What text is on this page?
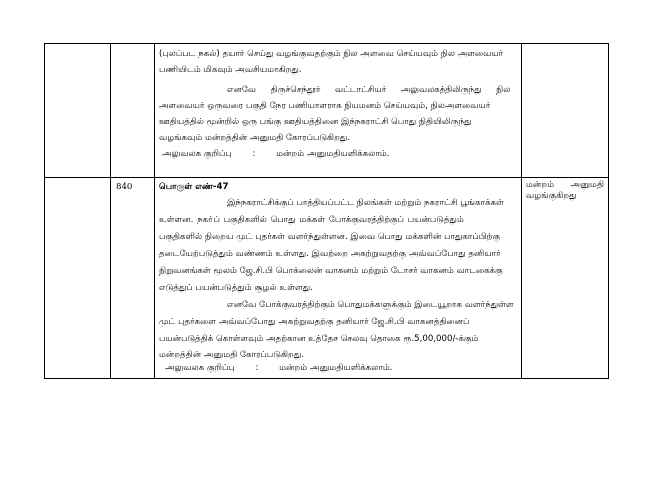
(புலப்பட நகல்) தயார் செய்து வழங்குவதற்கும் நில அளவை செய்யவும் நில அளவையர்
பணியிடம் மிகவும் அவசியமாகிறது.
எனவே திருச்செந்தூர் வட்டாட்சியர் அலுவலகத்திலிருந்து நில
அளவையர் ஒருவரை பகுதி நேர பணியாளராக நியமனம் செய்யவும், நிலஅளவையர்
ஊதியத்தில் மூன்றில் ஒரு பங்கு ஊதியத்தினை இந்நகராட்சி பொது நிதியிலிருந்து
வழங்கவும் மன்றத்தின் அனுமதி கோரப்படுகிறது.
அலுவலக குறிப்பு : மன்றம் அனுமதியளிக்கலாம்.
840	பொருள் எண்-47
இந்நகராட்சிக்குப் பாத்தியப்பட்ட நிலங்கள் மற்றும் நகராட்சி பூங்காக்கள்
உள்ளன. நகா்ப் பகுதிகளில் பொது மக்கள் போக்குவரத்திற்குப் பயன்படுத்தும்
பகுதிகளில் நிறைய முட் புதர்கள் வளர்ந்துள்ளன. இவை பொது மக்களின் பாதுகாப்பிற்கு
தடையேற்படுத்தும் வண்ணம் உள்ளது. இவற்றை அகற்றுவதற்கு அவ்வப்போது தனியார்
நிறுவனங்கள் மூலம் ஜே.சி.பி பொக்லைன் வாகனம் மற்றும் டோசர் வாகனம் வாடகைக்கு
எடுத்துப் பயன்படுத்தும் சூழல் உள்ளது.
எனவே போக்குவரத்திற்கும் பொதுமக்களுக்கும் இடையூறாக வளர்ந்துள்ள
முட் புதர்களை அவ்வப்போது அகற்றுவதற்கு தனியார் ஜே.சி.பி வாகனத்தினைப்
பயன்படுத்திக் கொள்ளவும் அதற்கான உத்தேச செலவு தொகை ரூ.5,00,000/-க்கும்
மன்றத்தின் அனுமதி கோரப்படுகிறது.
அலுவலக குறிப்பு : மன்றம் அனுமதியளிக்கலாம்.
மன்றம் அனுமதி
வழங்குகிறது
